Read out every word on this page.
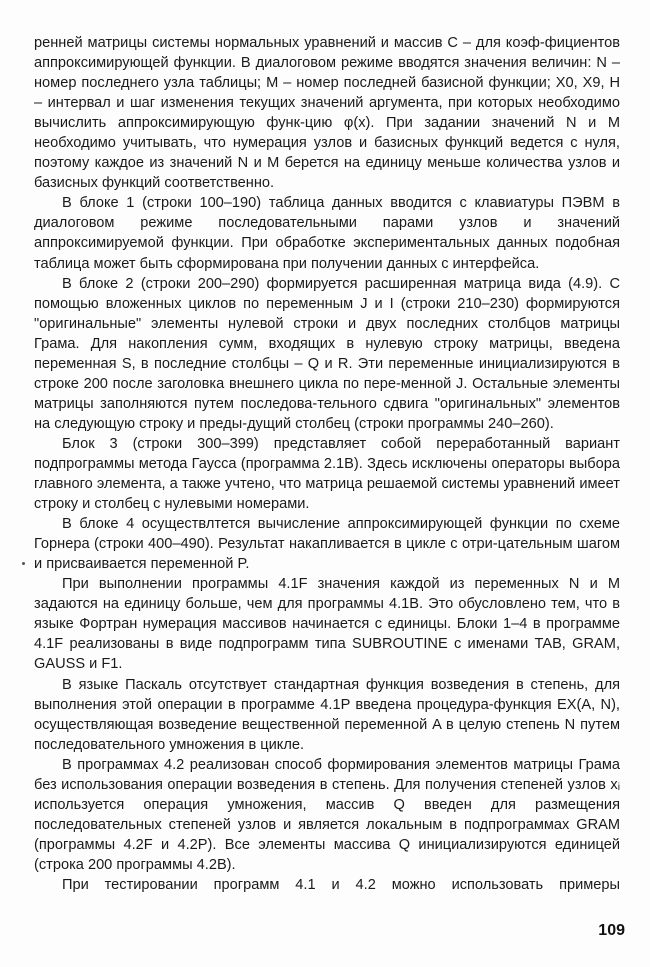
ренней матрицы системы нормальных уравнений и массив C – для коэф-фициентов аппроксимирующей функции. В диалоговом режиме вводятся значения величин: N – номер последнего узла таблицы; M – номер последней базисной функции; X0, X9, H – интервал и шаг изменения текущих значений аргумента, при которых необходимо вычислить аппроксимирующую функ-цию φ(x). При задании значений N и M необходимо учитывать, что нумерация узлов и базисных функций ведется с нуля, поэтому каждое из значений N и M берется на единицу меньше количества узлов и базисных функций соответственно.

В блоке 1 (строки 100–190) таблица данных вводится с клавиатуры ПЭВМ в диалоговом режиме последовательными парами узлов и значений аппроксимируемой функции. При обработке экспериментальных данных подобная таблица может быть сформирована при получении данных с интерфейса.

В блоке 2 (строки 200–290) формируется расширенная матрица вида (4.9). С помощью вложенных циклов по переменным J и I (строки 210–230) формируются "оригинальные" элементы нулевой строки и двух последних столбцов матрицы Грама. Для накопления сумм, входящих в нулевую строку матрицы, введена переменная S, в последние столбцы – Q и R. Эти переменные инициализируются в строке 200 после заголовка внешнего цикла по пере-менной J. Остальные элементы матрицы заполняются путем последова-тельного сдвига "оригинальных" элементов на следующую строку и преды-дущий столбец (строки программы 240–260).

Блок 3 (строки 300–399) представляет собой переработанный вариант подпрограммы метода Гаусса (программа 2.1В). Здесь исключены операторы выбора главного элемента, а также учтено, что матрица решаемой системы уравнений имеет строку и столбец с нулевыми номерами.

В блоке 4 осуществлтется вычисление аппроксимирующей функции по схеме Горнера (строки 400–490). Результат накапливается в цикле с отри-цательным шагом и присваивается переменной P.

При выполнении программы 4.1F значения каждой из переменных N и M задаются на единицу больше, чем для программы 4.1В. Это обусловлено тем, что в языке Фортран нумерация массивов начинается с единицы. Блоки 1–4 в программе 4.1F реализованы в виде подпрограмм типа SUBROUTINE с именами TAB, GRAM, GAUSS и F1.

В языке Паскаль отсутствует стандартная функция возведения в степень, для выполнения этой операции в программе 4.1P введена процедура-функция EX(A, N), осуществляющая возведение вещественной переменной A в целую степень N путем последовательного умножения в цикле.

В программах 4.2 реализован способ формирования элементов матрицы Грама без использования операции возведения в степень. Для получения степеней узлов xᵢ используется операция умножения, массив Q введен для размещения последовательных степеней узлов и является локальным в подпрограммах GRAM (программы 4.2F и 4.2P). Все элементы массива Q инициализируются единицей (строка 200 программы 4.2В).

При тестировании программ 4.1 и 4.2 можно использовать примеры

109
